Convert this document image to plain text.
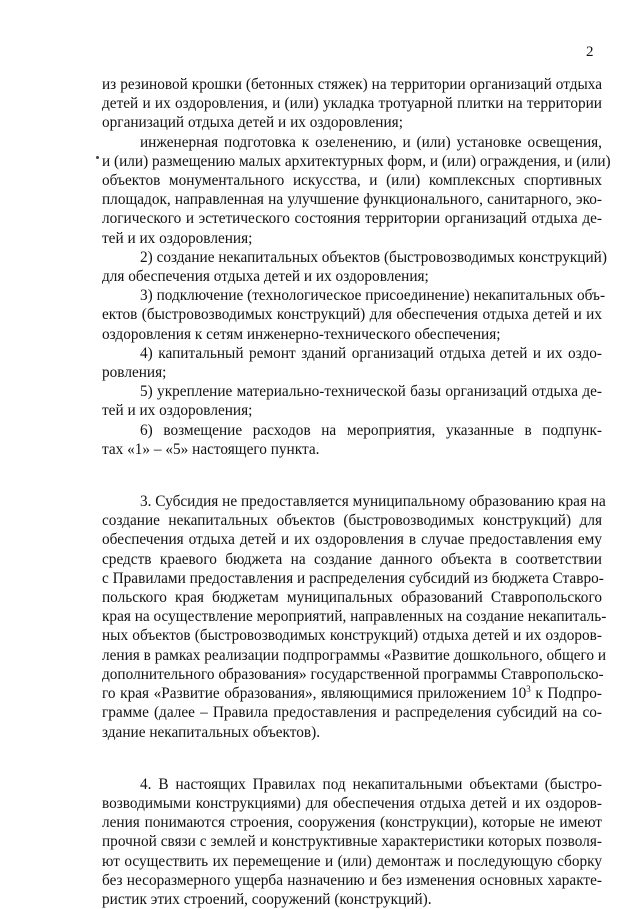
2
из резиновой крошки (бетонных стяжек) на территории организаций отдыха
детей и их оздоровления, и (или) укладка тротуарной плитки на территории
организаций отдыха детей и их оздоровления;
инженерная подготовка к озеленению, и (или) установке освещения,
и (или) размещению малых архитектурных форм, и (или) ограждения, и (или)
объектов монументального искусства, и (или) комплексных спортивных
площадок, направленная на улучшение функционального, санитарного, эко-
логического и эстетического состояния территории организаций отдыха де-
тей и их оздоровления;
2) создание некапитальных объектов (быстровозводимых конструкций)
для обеспечения отдыха детей и их оздоровления;
3) подключение (технологическое присоединение) некапитальных объ-
ектов (быстровозводимых конструкций) для обеспечения отдыха детей и их
оздоровления к сетям инженерно-технического обеспечения;
4) капитальный ремонт зданий организаций отдыха детей и их оздо-
ровления;
5) укрепление материально-технической базы организаций отдыха де-
тей и их оздоровления;
6) возмещение расходов на мероприятия, указанные в подпунк-
тах «1» – «5» настоящего пункта.
3. Субсидия не предоставляется муниципальному образованию края на
создание некапитальных объектов (быстровозводимых конструкций) для
обеспечения отдыха детей и их оздоровления в случае предоставления ему
средств краевого бюджета на создание данного объекта в соответствии
с Правилами предоставления и распределения субсидий из бюджета Ставро-
польского края бюджетам муниципальных образований Ставропольского
края на осуществление мероприятий, направленных на создание некапиталь-
ных объектов (быстровозводимых конструкций) отдыха детей и их оздоров-
ления в рамках реализации подпрограммы «Развитие дошкольного, общего и
дополнительного образования» государственной программы Ставропольско-
го края «Развитие образования», являющимися приложением $10^3$ к Подпро-
грамме (далее – Правила предоставления и распределения субсидий на со-
здание некапитальных объектов).
4. В настоящих Правилах под некапитальными объектами (быстро-
возводимыми конструкциями) для обеспечения отдыха детей и их оздоров-
ления понимаются строения, сооружения (конструкции), которые не имеют
прочной связи с землей и конструктивные характеристики которых позволя-
ют осуществить их перемещение и (или) демонтаж и последующую сборку
без несоразмерного ущерба назначению и без изменения основных характе-
ристик этих строений, сооружений (конструкций).
